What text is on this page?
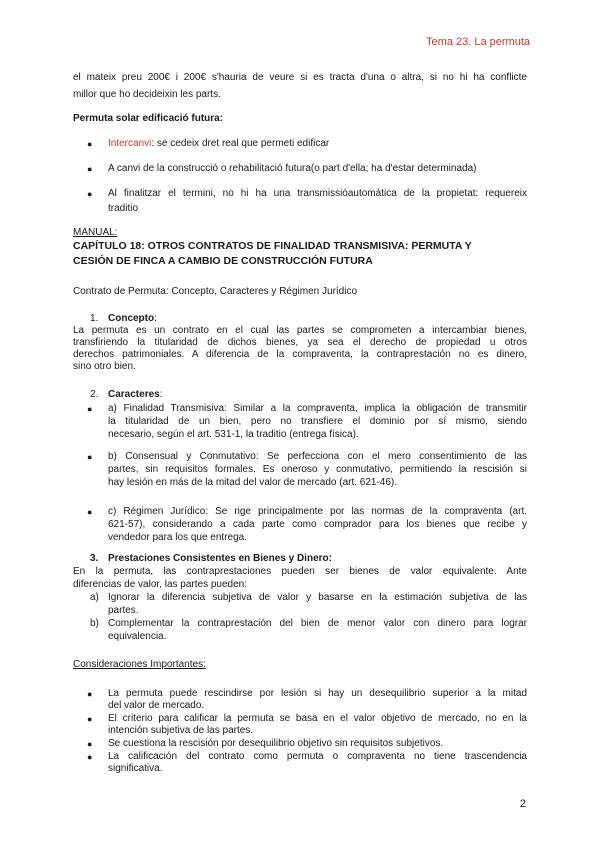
Tema 23. La permuta
el mateix preu 200€ i 200€ s'hauria de veure si es tracta d'una o altra, si no hi ha conflicte
millor que ho decideixin les parts.
Permuta solar edificació futura:
● Intercanvi: se cedeix dret real que permeti edificar
● A canvi de la construcció o rehabilitació futura(o part d'ella; ha d'estar determinada)
● Al finalitzar el termini, no hi ha una transmissióautomàtica de la propietat: requereix
traditio
MANUAL:
CAPÍTULO 18: OTROS CONTRATOS DE FINALIDAD TRANSMISIVA: PERMUTA Y
CESIÓN DE FINCA A CAMBIO DE CONSTRUCCIÓN FUTURA
Contrato de Permuta: Concepto, Caracteres y Régimen Jurídico
1. Concepto:
La permuta es un contrato en el cual las partes se comprometen a intercambiar bienes,
transfiriendo la titularidad de dichos bienes, ya sea el derecho de propiedad u otros
derechos patrimoniales. A diferencia de la compraventa, la contraprestación no es dinero,
sino otro bien.
2. Caracteres:
● a) Finalidad Transmisiva: Similar a la compraventa, implica la obligación de transmitir
la titularidad de un bien, pero no transfiere el dominio por sí mismo, siendo
necesario, según el art. 531-1, la traditio (entrega física).
● b) Consensual y Conmutativo: Se perfecciona con el mero consentimiento de las
partes, sin requisitos formales. Es oneroso y conmutativo, permitiendo la rescisión si
hay lesión en más de la mitad del valor de mercado (art. 621-46).
● c) Régimen Jurídico: Se rige principalmente por las normas de la compraventa (art.
621-57), considerando a cada parte como comprador para los bienes que recibe y
vendedor para los que entrega.
3. Prestaciones Consistentes en Bienes y Dinero:
En la permuta, las contraprestaciones pueden ser bienes de valor equivalente. Ante
diferencias de valor, las partes pueden:
a) Ignorar la diferencia subjetiva de valor y basarse en la estimación subjetiva de las
partes.
b) Complementar la contraprestación del bien de menor valor con dinero para lograr
equivalencia.
Consideraciones Importantes:
● La permuta puede rescindirse por lesión si hay un desequilibrio superior a la mitad
del valor de mercado.
● El criterio para calificar la permuta se basa en el valor objetivo de mercado, no en la
intención subjetiva de las partes.
● Se cuestiona la rescisión por desequilibrio objetivo sin requisitos subjetivos.
● La calificación del contrato como permuta o compraventa no tiene trascendencia
significativa.
2
